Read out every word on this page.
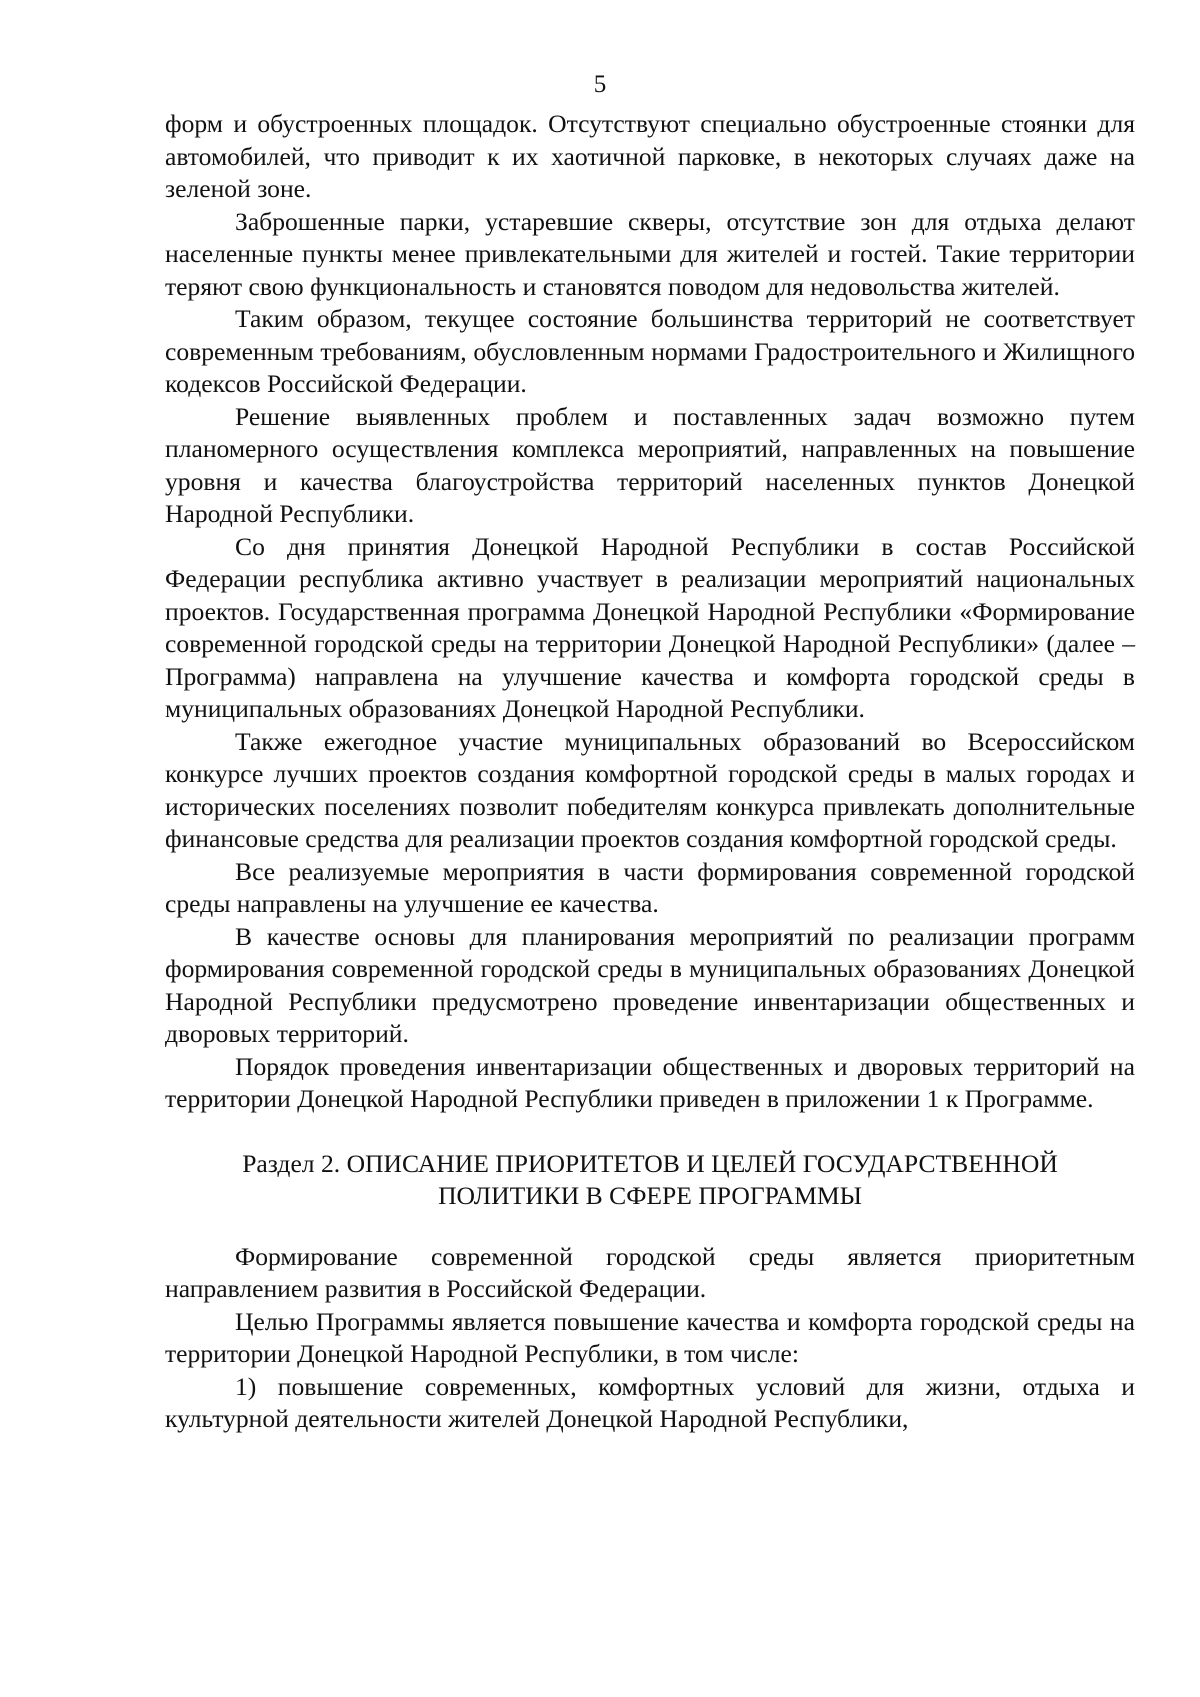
5

форм и обустроенных площадок. Отсутствуют специально обустроенные стоянки для автомобилей, что приводит к их хаотичной парковке, в некоторых случаях даже на зеленой зоне.

Заброшенные парки, устаревшие скверы, отсутствие зон для отдыха делают населенные пункты менее привлекательными для жителей и гостей. Такие территории теряют свою функциональность и становятся поводом для недовольства жителей.

Таким образом, текущее состояние большинства территорий не соответствует современным требованиям, обусловленным нормами Градостроительного и Жилищного кодексов Российской Федерации.

Решение выявленных проблем и поставленных задач возможно путем планомерного осуществления комплекса мероприятий, направленных на повышение уровня и качества благоустройства территорий населенных пунктов Донецкой Народной Республики.

Со дня принятия Донецкой Народной Республики в состав Российской Федерации республика активно участвует в реализации мероприятий национальных проектов. Государственная программа Донецкой Народной Республики «Формирование современной городской среды на территории Донецкой Народной Республики» (далее – Программа) направлена на улучшение качества и комфорта городской среды в муниципальных образованиях Донецкой Народной Республики.

Также ежегодное участие муниципальных образований во Всероссийском конкурсе лучших проектов создания комфортной городской среды в малых городах и исторических поселениях позволит победителям конкурса привлекать дополнительные финансовые средства для реализации проектов создания комфортной городской среды.

Все реализуемые мероприятия в части формирования современной городской среды направлены на улучшение ее качества.

В качестве основы для планирования мероприятий по реализации программ формирования современной городской среды в муниципальных образованиях Донецкой Народной Республики предусмотрено проведение инвентаризации общественных и дворовых территорий.

Порядок проведения инвентаризации общественных и дворовых территорий на территории Донецкой Народной Республики приведен в приложении 1 к Программе.

Раздел 2. ОПИСАНИЕ ПРИОРИТЕТОВ И ЦЕЛЕЙ ГОСУДАРСТВЕННОЙ
ПОЛИТИКИ В СФЕРЕ ПРОГРАММЫ

Формирование современной городской среды является приоритетным направлением развития в Российской Федерации.

Целью Программы является повышение качества и комфорта городской среды на территории Донецкой Народной Республики, в том числе:

1) повышение современных, комфортных условий для жизни, отдыха и культурной деятельности жителей Донецкой Народной Республики,
